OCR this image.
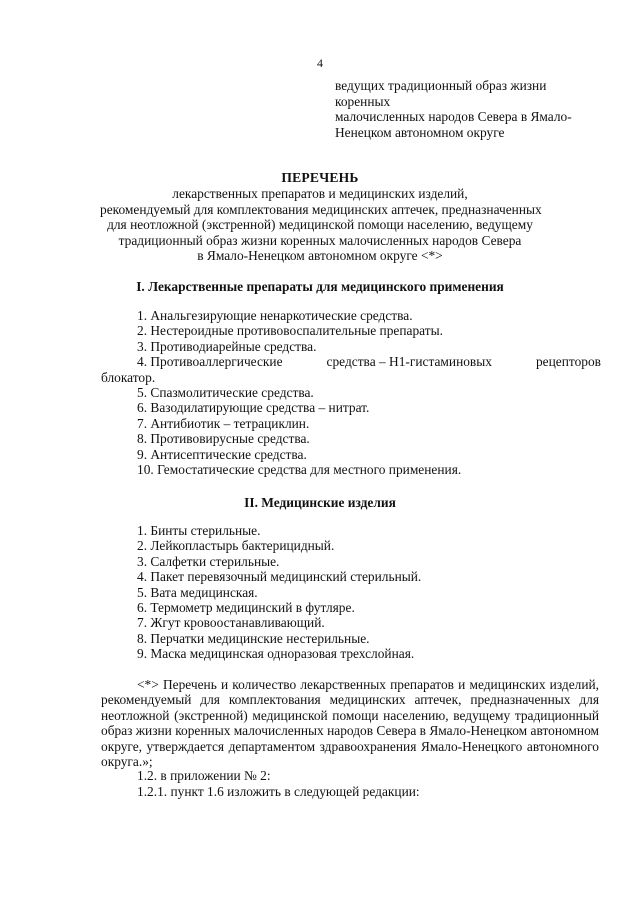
4
ведущих традиционный образ жизни
коренных
малочисленных народов Севера в Ямало-
Ненецком автономном округе
ПЕРЕЧЕНЬ
лекарственных препаратов и медицинских изделий,
рекомендуемый для комплектования медицинских аптечек, предназначенных
для неотложной (экстренной) медицинской помощи населению, ведущему
традиционный образ жизни коренных малочисленных народов Севера
в Ямало-Ненецком автономном округе <*>
I. Лекарственные препараты для медицинского применения
1. Анальгезирующие ненаркотические средства.
2. Нестероидные противовоспалительные препараты.
3. Противодиарейные средства.
4. Противоаллергические	средства – Н1-гистаминовых	рецепторов
блокатор.
5. Спазмолитические средства.
6. Вазодилатирующие средства – нитрат.
7. Антибиотик – тетрациклин.
8. Противовирусные средства.
9. Антисептические средства.
10. Гемостатические средства для местного применения.
II. Медицинские изделия
1. Бинты стерильные.
2. Лейкопластырь бактерицидный.
3. Салфетки стерильные.
4. Пакет перевязочный медицинский стерильный.
5. Вата медицинская.
6. Термометр медицинский в футляре.
7. Жгут кровоостанавливающий.
8. Перчатки медицинские нестерильные.
9. Маска медицинская одноразовая трехслойная.
<*> Перечень и количество лекарственных препаратов и медицинских изделий, рекомендуемый для комплектования медицинских аптечек, предназначенных для неотложной (экстренной) медицинской помощи населению, ведущему традиционный образ жизни коренных малочисленных народов Севера в Ямало-Ненецком автономном округе, утверждается департаментом здравоохранения Ямало-Ненецкого автономного округа.»;
1.2. в приложении № 2:
1.2.1. пункт 1.6 изложить в следующей редакции:
